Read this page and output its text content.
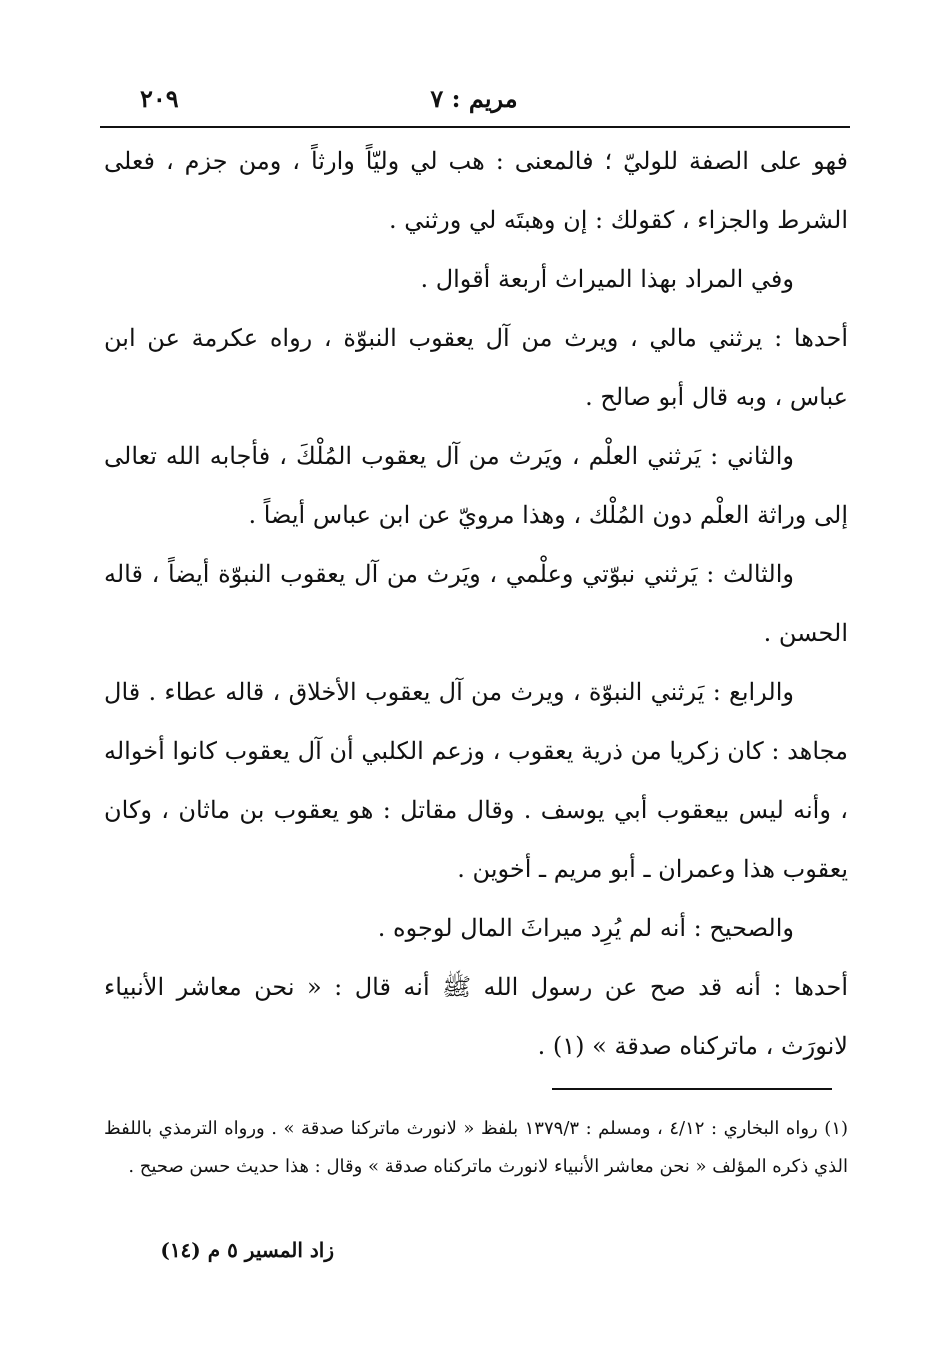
مريم : ٧
٢٠٩

فهو على الصفة للوليّ ؛ فالمعنى : هب لي وليّاً وارثاً ، ومن جزم ، فعلى الشرط والجزاء ، كقولك : إن وهبتَه لي ورثني .

وفي المراد بهذا الميراث أربعة أقوال .

أحدها : يرثني مالي ، ويرث من آل يعقوب النبوّة ، رواه عكرمة عن ابن عباس ، وبه قال أبو صالح .

والثاني : يَرثني العلْم ، ويَرث من آل يعقوب المُلْكَ ، فأجابه الله تعالى إلى وراثة العلْم دون المُلْك ، وهذا مرويّ عن ابن عباس أيضاً .

والثالث : يَرثني نبوّتي وعلْمي ، ويَرث من آل يعقوب النبوّة أيضاً ، قاله الحسن .

والرابع : يَرثني النبوّة ، ويرث من آل يعقوب الأخلاق ، قاله عطاء . قال مجاهد : كان زكريا من ذرية يعقوب ، وزعم الكلبي أن آل يعقوب كانوا أخواله ، وأنه ليس بيعقوب أبي يوسف . وقال مقاتل : هو يعقوب بن ماثان ، وكان يعقوب هذا وعمران ـ أبو مريم ـ أخوين .

والصحيح : أنه لم يُرِد ميراثَ المال لوجوه .

أحدها : أنه قد صح عن رسول الله ﷺ أنه قال : « نحن معاشر الأنبياء لانورَث ، ماتركناه صدقة » (١) .

(١) رواه البخاري : ٤/١٢ ، ومسلم : ١٣٧٩/٣ بلفظ « لانورث ماتركنا صدقة » . ورواه الترمذي باللفظ الذي ذكره المؤلف « نحن معاشر الأنبياء لانورث ماتركناه صدقة » وقال : هذا حديث حسن صحيح .
زاد المسير ٥ م (١٤)
